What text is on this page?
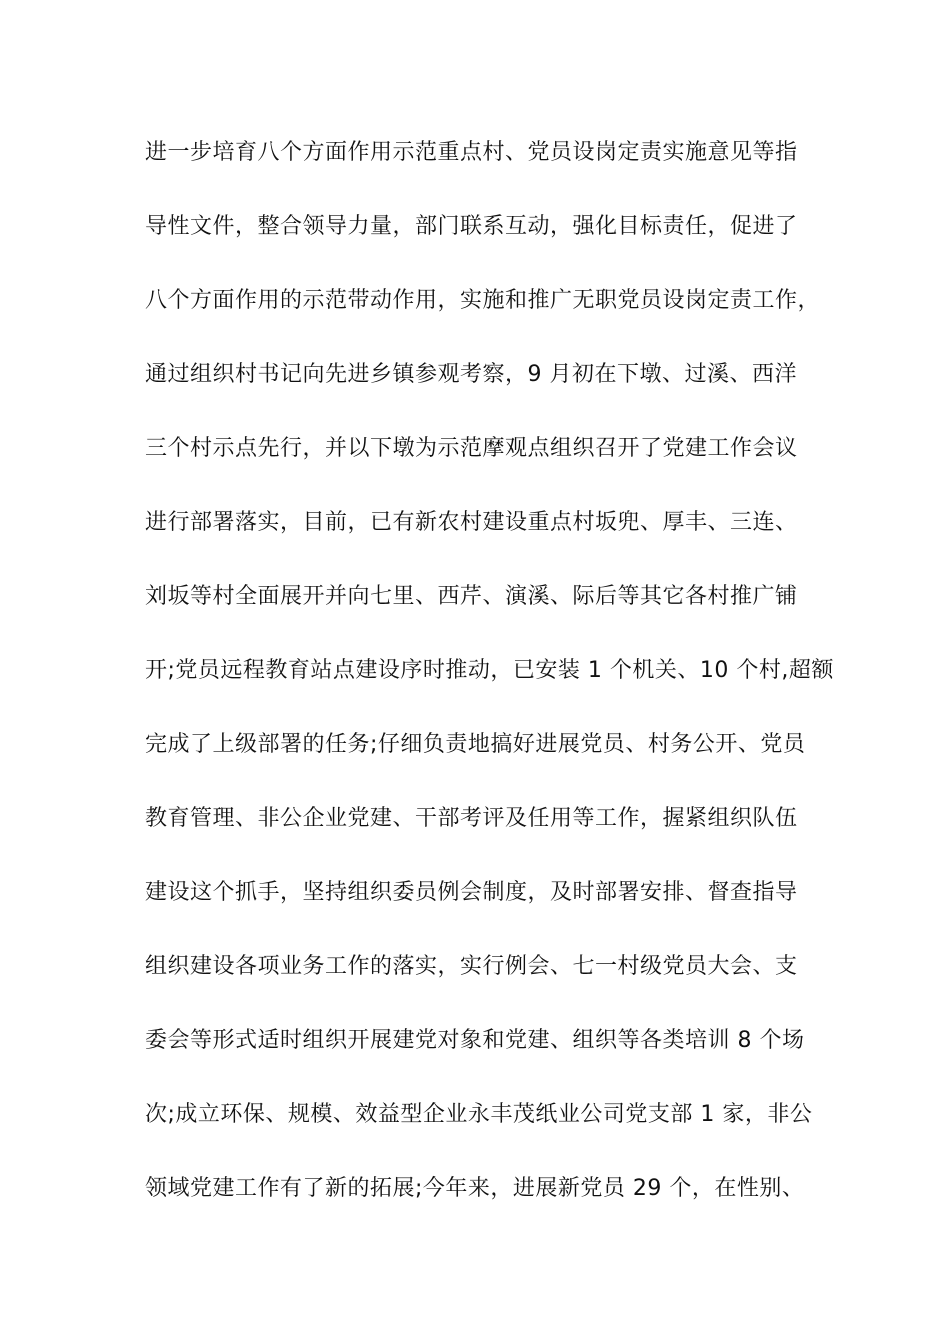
进一步培育八个方面作用示范重点村、党员设岗定责实施意见等指
导性文件，整合领导力量，部门联系互动，强化目标责任，促进了
八个方面作用的示范带动作用，实施和推广无职党员设岗定责工作，
通过组织村书记向先进乡镇参观考察，9 月初在下墩、过溪、西洋
三个村示点先行，并以下墩为示范摩观点组织召开了党建工作会议
进行部署落实，目前，已有新农村建设重点村坂兜、厚丰、三连、
刘坂等村全面展开并向七里、西芹、演溪、际后等其它各村推广铺
开;党员远程教育站点建设序时推动，已安装 1 个机关、10 个村,超额
完成了上级部署的任务;仔细负责地搞好进展党员、村务公开、党员
教育管理、非公企业党建、干部考评及任用等工作，握紧组织队伍
建设这个抓手，坚持组织委员例会制度，及时部署安排、督查指导
组织建设各项业务工作的落实，实行例会、七一村级党员大会、支
委会等形式适时组织开展建党对象和党建、组织等各类培训 8 个场
次;成立环保、规模、效益型企业永丰茂纸业公司党支部 1 家，非公
领域党建工作有了新的拓展;今年来，进展新党员 29 个，在性别、
